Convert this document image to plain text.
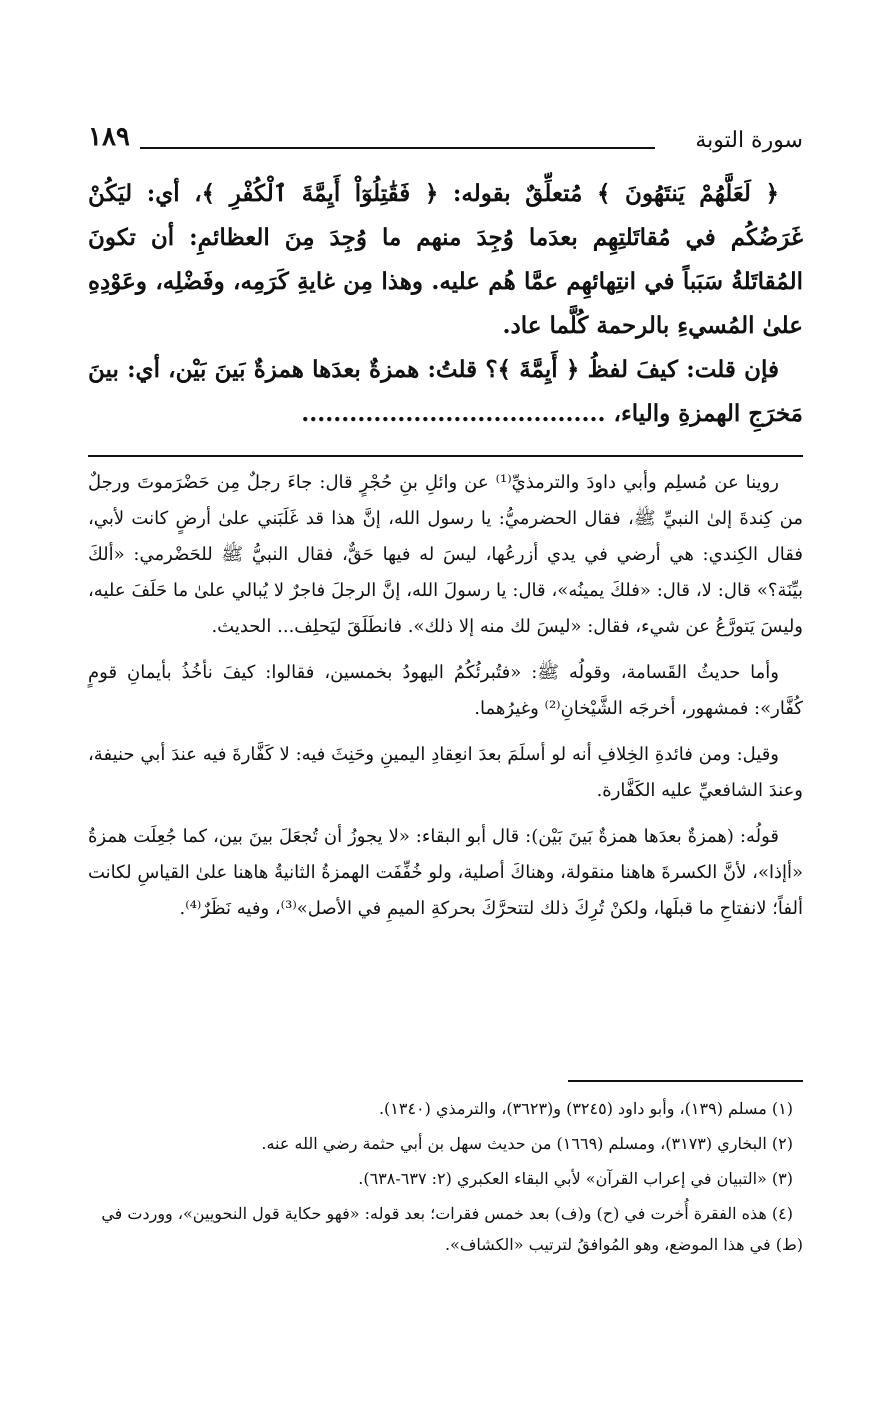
سورة التوبة
١٨٩

﴿ لَعَلَّهُمْ يَنتَهُونَ ﴾ مُتعلِّقٌ بقوله: ﴿ فَقَٰتِلُوٓاْ أَيِمَّةَ ٱلْكُفْرِ ﴾، أي: ليَكُنْ غَرَضُكُم في مُقاتَلتِهِم بعدَما وُجِدَ منهم ما وُجِدَ مِنَ العظائمِ: أن تكونَ المُقاتَلةُ سَبَباً في انتِهائهِم عمَّا هُم عليه. وهذا مِن غايةِ كَرَمِه، وفَضْلِه، وعَوْدِهِ علىٰ المُسيءِ بالرحمة كُلَّما عاد.

فإن قلت: كيفَ لفظُ ﴿ أَيِمَّةَ ﴾؟ قلتُ: همزةٌ بعدَها همزةٌ بَينَ بَيْن، أي: بينَ مَخرَجِ الهمزةِ والياء، ......................................

روينا عن مُسلِم وأبي داودَ والترمذيِّ⁽¹⁾ عن وائلِ بنِ حُجْرٍ قال: جاءَ رجلٌ مِن حَضْرَموتَ ورجلٌ من كِندةَ إلىٰ النبيِّ ﷺ، فقال الحضرميُّ: يا رسول الله، إنَّ هذا قد غَلَبَني علىٰ أرضٍ كانت لأبي، فقال الكِندي: هي أرضي في يدي أزرعُها، ليسَ له فيها حَقٌّ، فقال النبيُّ ﷺ للحَضْرمي: «ألكَ بيِّنَة؟» قال: لا، قال: «فلكَ يمينُه»، قال: يا رسولَ الله، إنَّ الرجلَ فاجرٌ لا يُبالي علىٰ ما حَلَفَ عليه، وليسَ يَتورَّعُ عن شيء، فقال: «ليسَ لك منه إلا ذلك». فانطَلَقَ ليَحلِف... الحديث.

وأما حديثُ القَسامة، وقولُه ﷺ: «فتُبرئُكُمُ اليهودُ بخمسين، فقالوا: كيفَ نأخُذُ بأيمانِ قومٍ كُفَّار»: فمشهور، أخرجَه الشَّيْخانِ⁽²⁾ وغيرُهما.

وقيل: ومن فائدةِ الخِلافِ أنه لو أسلَمَ بعدَ انعِقادِ اليمينِ وحَنِثَ فيه: لا كَفَّارةَ فيه عندَ أبي حنيفة، وعندَ الشافعيِّ عليه الكَفَّارة.

قولُه: (همزةٌ بعدَها همزةٌ بَينَ بَيْن): قال أبو البقاء: «لا يجوزُ أن تُجعَلَ بينَ بين، كما جُعِلَت همزةُ «أإذا»، لأنَّ الكسرةَ هاهنا منقولة، وهناكَ أصلية، ولو خُفِّفَت الهمزةُ الثانيةُ هاهنا علىٰ القياسِ لكانت ألفاً؛ لانفتاحِ ما قبلَها، ولكنْ تُرِكَ ذلك لتتحرَّكَ بحركةِ الميمِ في الأصل»⁽³⁾، وفيه نَظَرٌ⁽⁴⁾.

(١) مسلم (١٣٩)، وأبو داود (٣٢٤٥) و(٣٦٢٣)، والترمذي (١٣٤٠).

(٢) البخاري (٣١٧٣)، ومسلم (١٦٦٩) من حديث سهل بن أبي حثمة رضي الله عنه.

(٣) «التبيان في إعراب القرآن» لأبي البقاء العكبري (٢: ٦٣٧-٦٣٨).

(٤) هذه الفقرة أُخرت في (ح) و(ف) بعد خمس فقرات؛ بعد قوله: «فهو حكاية قول النحويين»، ووردت في (ط) في هذا الموضع، وهو المُوافقُ لترتيب «الكشاف».
